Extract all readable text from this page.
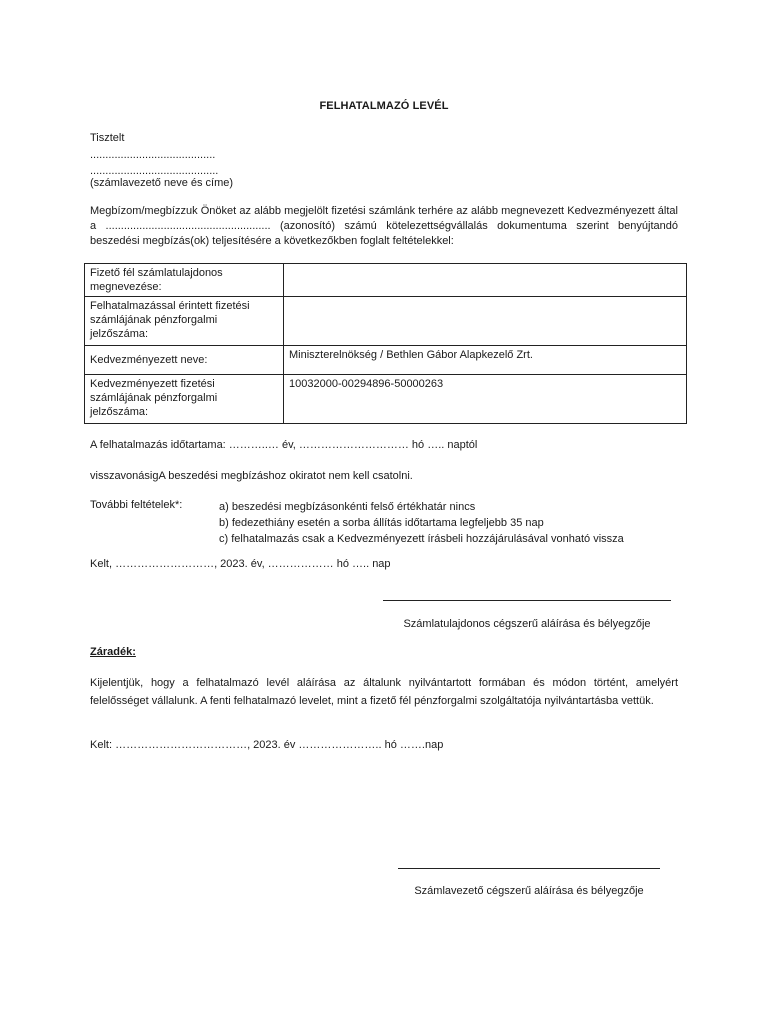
FELHATALMAZÓ LEVÉL
Tisztelt
.........................................
..........................................
(számlavezető neve és címe)
Megbízom/megbízzuk Önöket az alább megjelölt fizetési számlánk terhére az alább megnevezett Kedvezményezett által a ...................................................... (azonosító) számú kötelezettségvállalás dokumentuma szerint benyújtandó beszedési megbízás(ok) teljesítésére a következőkben foglalt feltételekkel:
Fizető fél számlatulajdonos megnevezése:	
Felhatalmazással érintett fizetési számlájának pénzforgalmi jelzőszáma:	
Kedvezményezett neve:	Miniszterelnökség / Bethlen Gábor Alapkezelő Zrt.
Kedvezményezett fizetési számlájának pénzforgalmi jelzőszáma:	10032000-00294896-50000263
A felhatalmazás időtartama: ………..… év, ………………………… hó ….. naptól
visszavonásigA beszedési megbízáshoz okiratot nem kell csatolni.
További feltételek*:	a) beszedési megbízásonkénti felső értékhatár nincs
b) fedezethiány esetén a sorba állítás időtartama legfeljebb 35 nap
c) felhatalmazás csak a Kedvezményezett írásbeli hozzájárulásával vonható vissza
Kelt, ………………………, 2023. év, ……………… hó ….. nap
Számlatulajdonos cégszerű aláírása és bélyegzője
Záradék:
Kijelentjük, hogy a felhatalmazó levél aláírása az általunk nyilvántartott formában és módon történt, amelyért felelősséget vállalunk. A fenti felhatalmazó levelet, mint a fizető fél pénzforgalmi szolgáltatója nyilvántartásba vettük.
Kelt: ………………………………, 2023. év ………………….. hó …….nap
Számlavezető cégszerű aláírása és bélyegzője
